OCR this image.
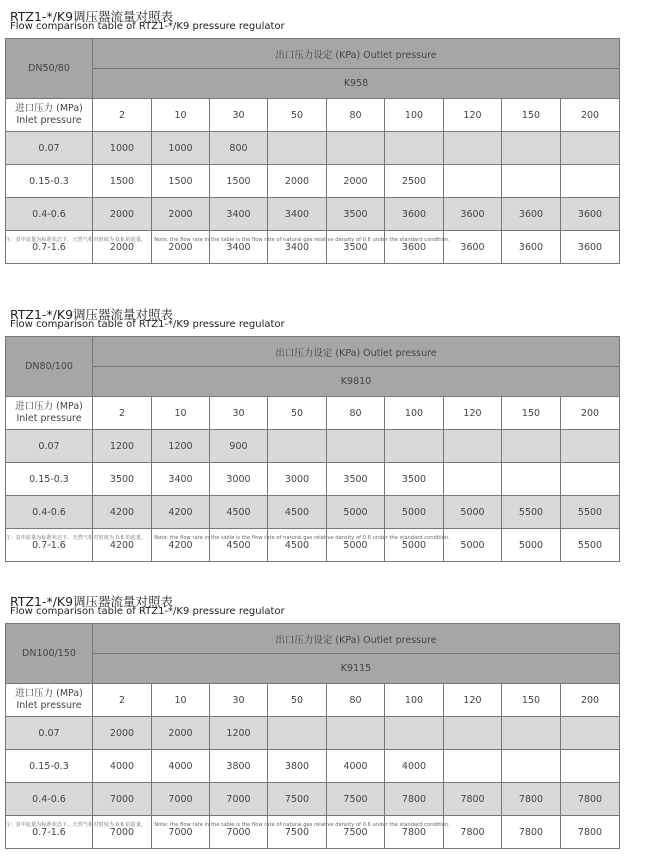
RTZ1-*/K9调压器流量对照表
Flow comparison table of RTZ1-*/K9 pressure regulator
DN50/80	出口压力设定 (KPa) Outlet pressure								
	K958								
进口压力 (MPa)
Inlet pressure	2	10	30	50	80	100	120	150	200
0.07	1000	1000	800						
0.15-0.3	1500	1500	1500	2000	2000	2500			
0.4-0.6	2000	2000	3400	3400	3500	3600	3600	3600	3600
0.7-1.6	2000	2000	3400	3400	3500	3600	3600	3600	3600
注：表中流量为标准状态下，天然气相对密度为 0.6 的流量。 Note: the flow rate in the table is the flow rate of natural gas relative density of 0.6 under the standard condition.
RTZ1-*/K9调压器流量对照表
Flow comparison table of RTZ1-*/K9 pressure regulator
DN80/100	出口压力设定 (KPa) Outlet pressure								
	K9810								
进口压力 (MPa)
Inlet pressure	2	10	30	50	80	100	120	150	200
0.07	1200	1200	900						
0.15-0.3	3500	3400	3000	3000	3500	3500			
0.4-0.6	4200	4200	4500	4500	5000	5000	5000	5500	5500
0.7-1.6	4200	4200	4500	4500	5000	5000	5000	5000	5500
注：表中流量为标准状态下，天然气相对密度为 0.6 的流量。 Note: the flow rate in the table is the flow rate of natural gas relative density of 0.6 under the standard condition.
RTZ1-*/K9调压器流量对照表
Flow comparison table of RTZ1-*/K9 pressure regulator
DN100/150	出口压力设定 (KPa) Outlet pressure								
	K9115								
进口压力 (MPa)
Inlet pressure	2	10	30	50	80	100	120	150	200
0.07	2000	2000	1200						
0.15-0.3	4000	4000	3800	3800	4000	4000			
0.4-0.6	7000	7000	7000	7500	7500	7800	7800	7800	7800
0.7-1.6	7000	7000	7000	7500	7500	7800	7800	7800	7800
注：表中流量为标准状态下，天然气相对密度为 0.6 的流量。 Note: the flow rate in the table is the flow rate of natural gas relative density of 0.6 under the standard condition.
